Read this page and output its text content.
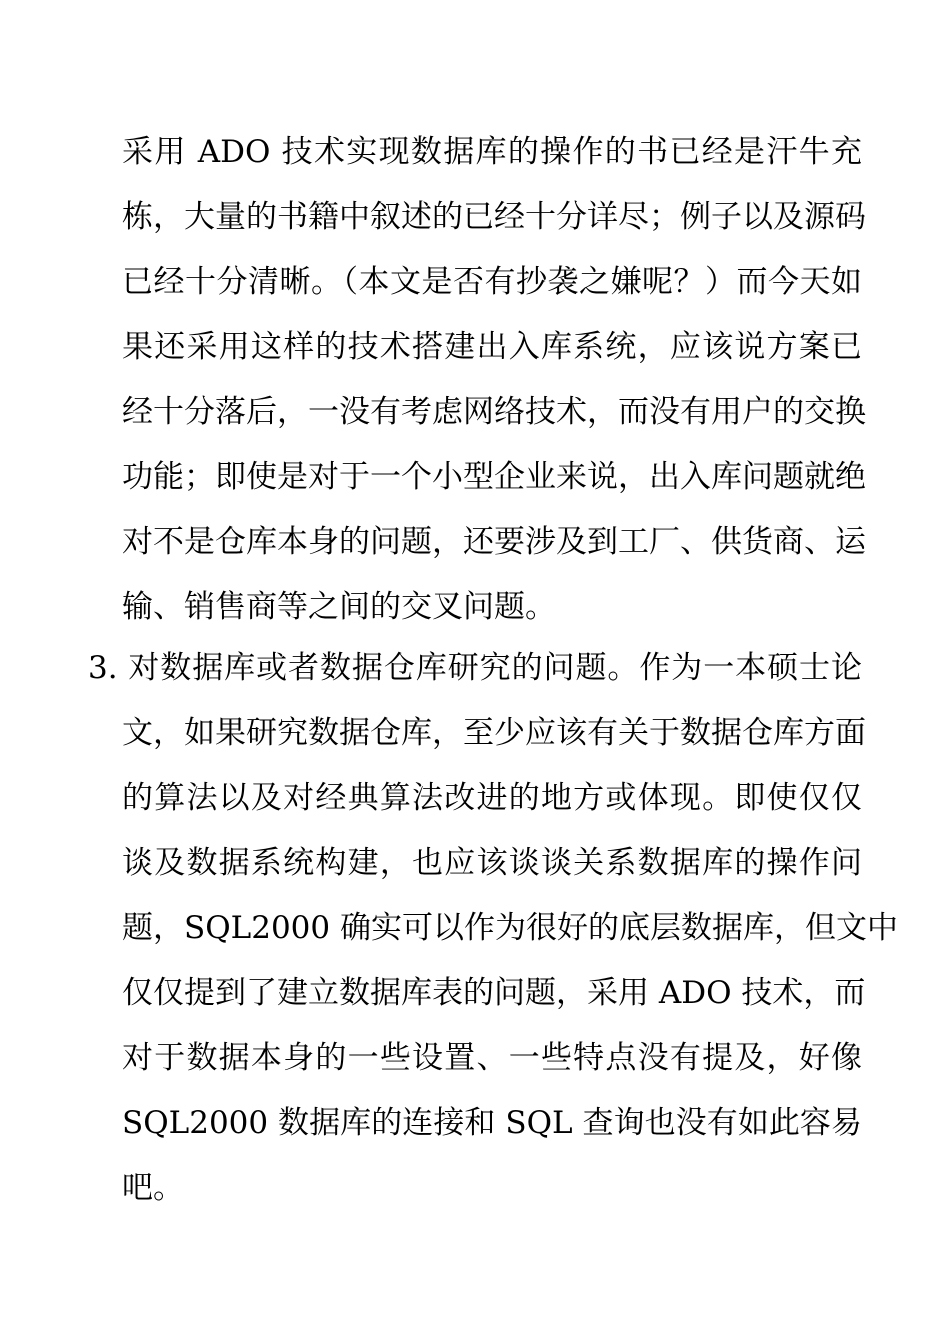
采用 ADO 技术实现数据库的操作的书已经是汗牛充
栋，大量的书籍中叙述的已经十分详尽；例子以及源码
已经十分清晰。（本文是否有抄袭之嫌呢？）而今天如
果还采用这样的技术搭建出入库系统，应该说方案已
经十分落后，一没有考虑网络技术，而没有用户的交换
功能；即使是对于一个小型企业来说，出入库问题就绝
对不是仓库本身的问题，还要涉及到工厂、供货商、运
输、销售商等之间的交叉问题。
3. 对数据库或者数据仓库研究的问题。作为一本硕士论
文，如果研究数据仓库，至少应该有关于数据仓库方面
的算法以及对经典算法改进的地方或体现。即使仅仅
谈及数据系统构建，也应该谈谈关系数据库的操作问
题，SQL2000 确实可以作为很好的底层数据库，但文中
仅仅提到了建立数据库表的问题，采用 ADO 技术，而
对于数据本身的一些设置、一些特点没有提及，好像
SQL2000 数据库的连接和 SQL 查询也没有如此容易
吧。
